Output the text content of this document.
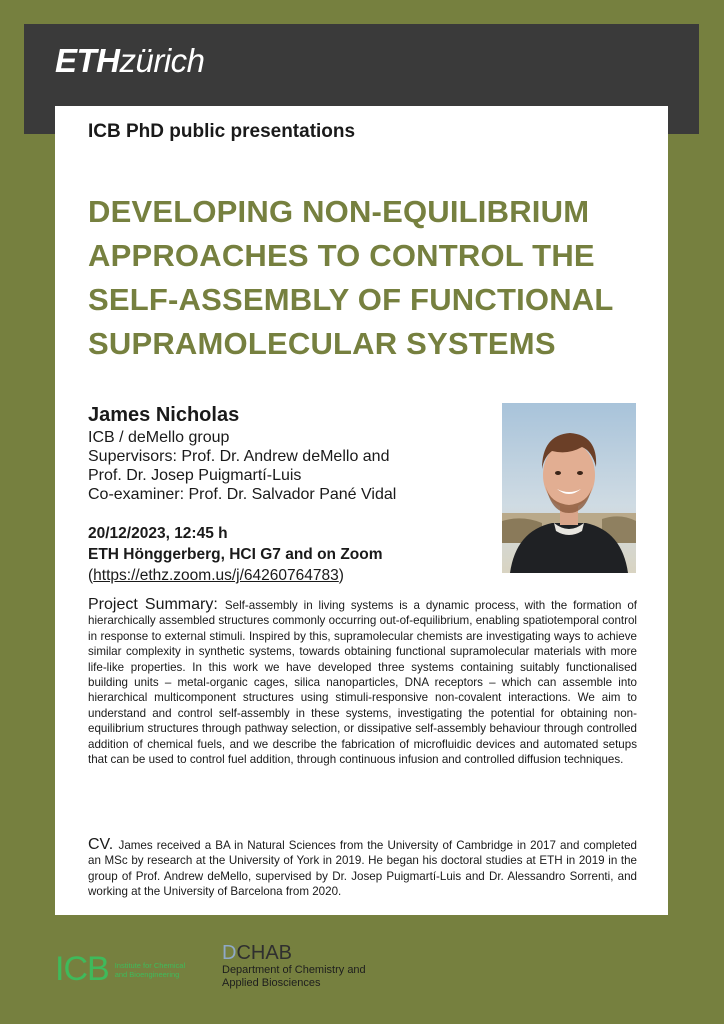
ETHzürich
ICB PhD public presentations
DEVELOPING NON-EQUILIBRIUM
APPROACHES TO CONTROL THE
SELF-ASSEMBLY OF FUNCTIONAL
SUPRAMOLECULAR SYSTEMS
James Nicholas
ICB / deMello group
Supervisors: Prof. Dr. Andrew deMello and
Prof. Dr. Josep Puigmartí-Luis
Co-examiner: Prof. Dr. Salvador Pané Vidal
20/12/2023, 12:45 h
ETH Hönggerberg, HCI G7 and on Zoom
(https://ethz.zoom.us/j/64260764783)
Project Summary: Self-assembly in living systems is a dynamic process, with the formation of hierarchically assembled structures commonly occurring out-of-equilibrium, enabling spatiotemporal control in response to external stimuli. Inspired by this, supramolecular chemists are investigating ways to achieve similar complexity in synthetic systems, towards obtaining functional supramolecular materials with more life-like properties. In this work we have developed three systems containing suitably functionalised building units – metal-organic cages, silica nanoparticles, DNA receptors – which can assemble into hierarchical multicomponent structures using stimuli-responsive non-covalent interactions. We aim to understand and control self-assembly in these systems, investigating the potential for obtaining non-equilibrium structures through pathway selection, or dissipative self-assembly behaviour through controlled addition of chemical fuels, and we describe the fabrication of microfluidic devices and automated setups that can be used to control fuel addition, through continuous infusion and controlled diffusion techniques.
CV. James received a BA in Natural Sciences from the University of Cambridge in 2017 and completed an MSc by research at the University of York in 2019. He began his doctoral studies at ETH in 2019 in the group of Prof. Andrew deMello, supervised by Dr. Josep Puigmartí-Luis and Dr. Alessandro Sorrenti, and working at the University of Barcelona from 2020.
ICB Institute for Chemical
and Bioengineering
DCHAB
Department of Chemistry and
Applied Biosciences
